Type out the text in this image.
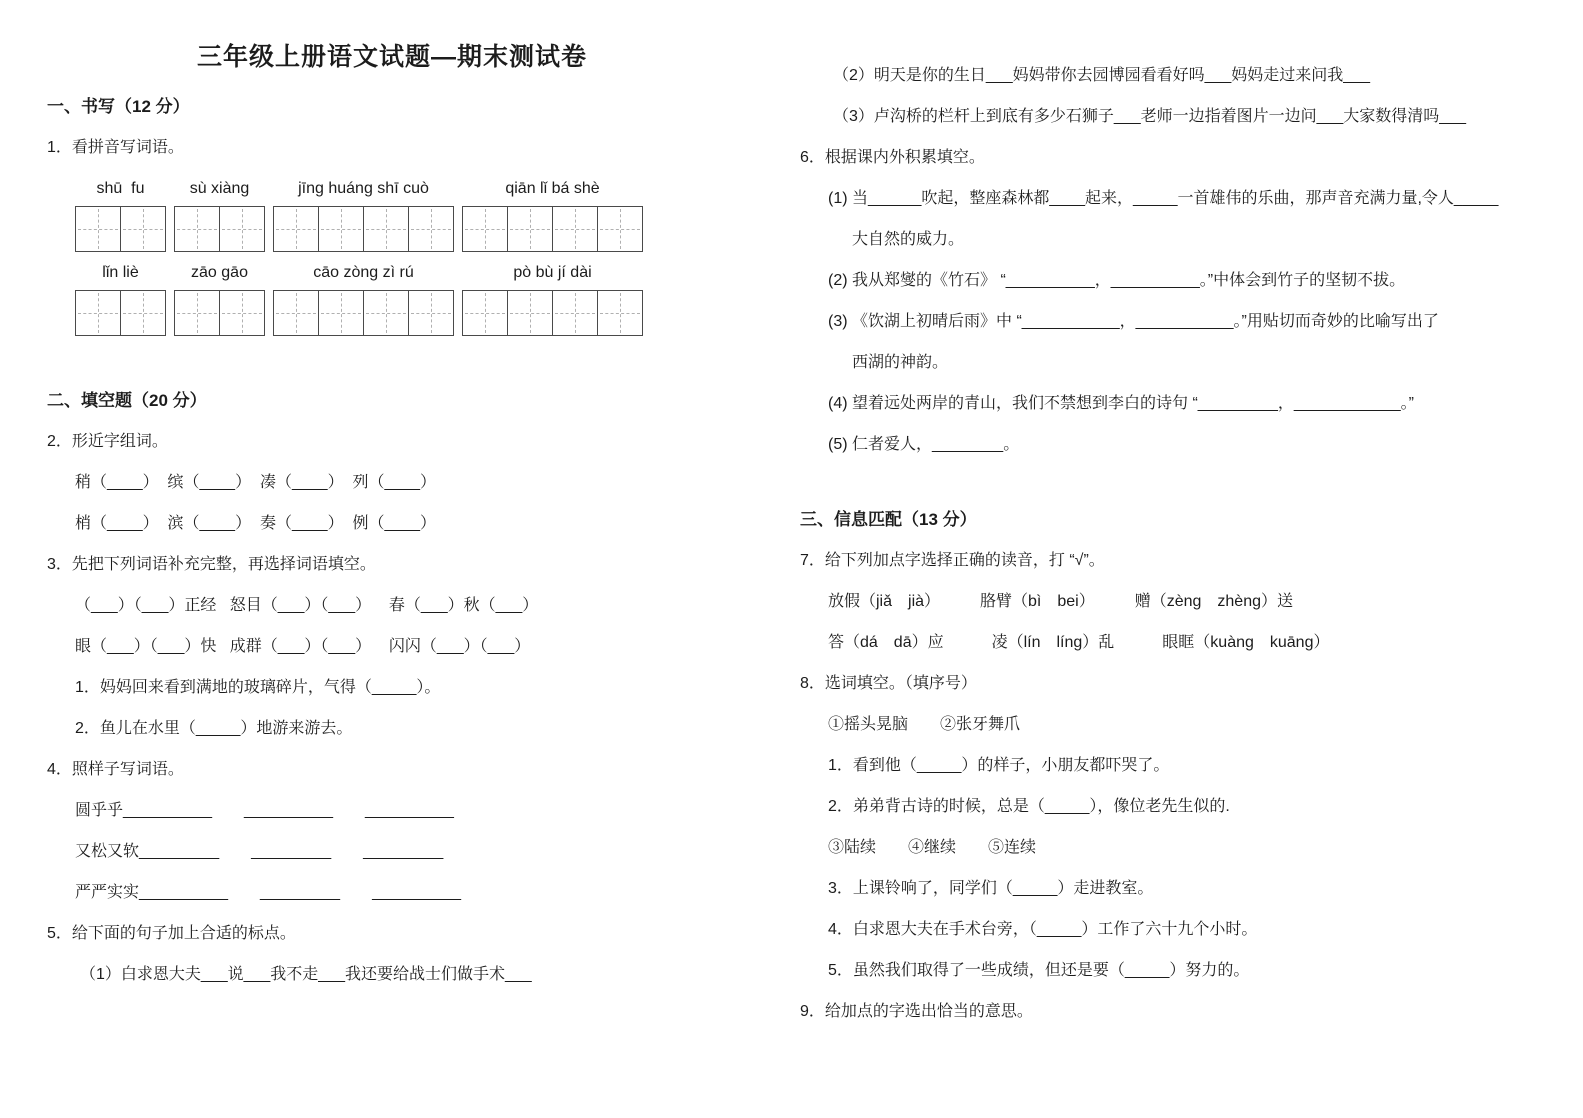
三年级上册语文试题—期末测试卷
一、书写（12 分）
1．看拼音写词语。
shū  fu	sù xiàng	jīng huáng shī cuò	qiān lǐ bá shè
lǐn liè	zāo gāo	cāo zòng zì rú	pò bù jí dài
二、填空题（20 分）
2．形近字组词。
稍（____）  缤（____）  凑（____）  列（____）
梢（____）  滨（____）  奏（____）  例（____）
3．先把下列词语补充完整，再选择词语填空。
（___）（___）正经   怒目（___）（___）    春（___）秋（___）
眼（___）（___）快   成群（___）（___）    闪闪（___）（___）
1．妈妈回来看到满地的玻璃碎片，气得（_____）。
2．鱼儿在水里（_____）地游来游去。
4．照样子写词语。
圆乎乎__________　　__________　　__________
又松又软_________　　_________　　_________
严严实实__________　　_________　　__________
5．给下面的句子加上合适的标点。
（1）白求恩大夫___说___我不走___我还要给战士们做手术___
（2）明天是你的生日___妈妈带你去园博园看看好吗___妈妈走过来问我___
（3）卢沟桥的栏杆上到底有多少石狮子___老师一边指着图片一边问___大家数得清吗___
6．根据课内外积累填空。
(1) 当______吹起，整座森林都____起来，_____一首雄伟的乐曲，那声音充满力量,令人_____
大自然的威力。
(2) 我从郑燮的《竹石》 “__________，__________。”中体会到竹子的坚韧不拔。
(3) 《饮湖上初晴后雨》中 “___________，___________。”用贴切而奇妙的比喻写出了
西湖的神韵。
(4) 望着远处两岸的青山，我们不禁想到李白的诗句 “_________，____________。”
(5) 仁者爱人，________。
三、信息匹配（13 分）
7．给下列加点字选择正确的读音，打 “√”。
放假（jiǎ　jià）　　　胳臂（bì　bei）　　　赠（zèng　zhèng）送
答（dá　dā）应　　　凌（lín　líng）乱　　　眼眶（kuàng　kuāng）
8．选词填空。（填序号）
①摇头晃脑　　②张牙舞爪
1．看到他（_____）的样子，小朋友都吓哭了。
2．弟弟背古诗的时候，总是（_____），像位老先生似的.
③陆续　　④继续　　⑤连续
3．上课铃响了，同学们（_____）走进教室。
4．白求恩大夫在手术台旁，（_____）工作了六十九个小时。
5．虽然我们取得了一些成绩，但还是要（_____）努力的。
9．给加点的字选出恰当的意思。
